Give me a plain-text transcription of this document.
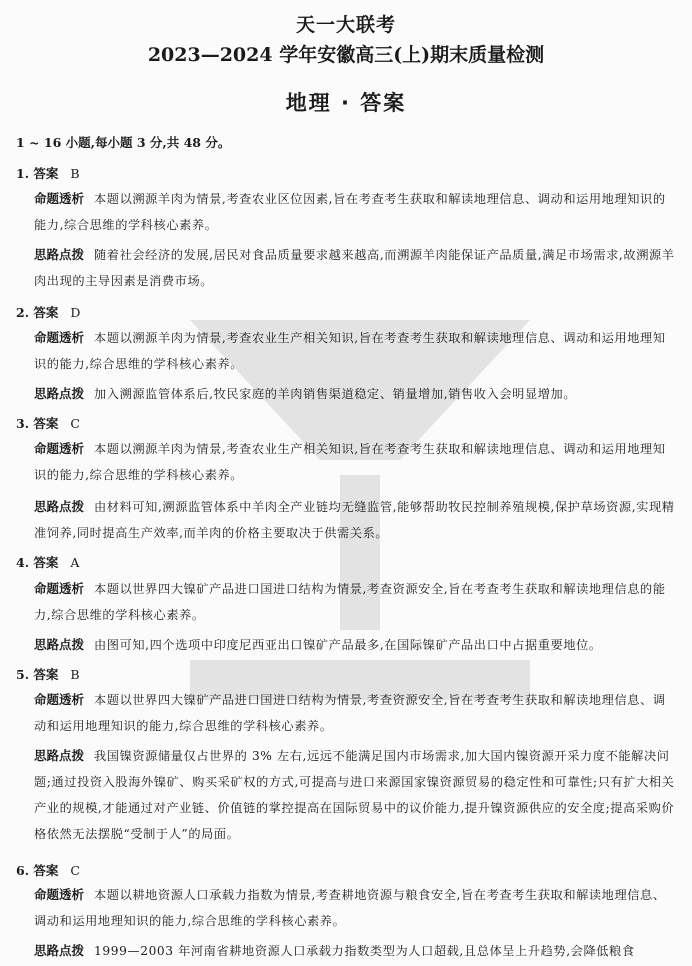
天一大联考
2023—2024 学年安徽高三(上)期末质量检测
地理 · 答案
1 ~ 16 小题,每小题 3 分,共 48 分。
1. 答案 B
命题透析 本题以溯源羊肉为情景,考查农业区位因素,旨在考查考生获取和解读地理信息、调动和运用地理知识的能力,综合思维的学科核心素养。
思路点拨 随着社会经济的发展,居民对食品质量要求越来越高,而溯源羊肉能保证产品质量,满足市场需求,故溯源羊肉出现的主导因素是消费市场。
2. 答案 D
命题透析 本题以溯源羊肉为情景,考查农业生产相关知识,旨在考查考生获取和解读地理信息、调动和运用地理知识的能力,综合思维的学科核心素养。
思路点拨 加入溯源监管体系后,牧民家庭的羊肉销售渠道稳定、销量增加,销售收入会明显增加。
3. 答案 C
命题透析 本题以溯源羊肉为情景,考查农业生产相关知识,旨在考查考生获取和解读地理信息、调动和运用地理知识的能力,综合思维的学科核心素养。
思路点拨 由材料可知,溯源监管体系中羊肉全产业链均无缝监管,能够帮助牧民控制养殖规模,保护草场资源,实现精准饲养,同时提高生产效率,而羊肉的价格主要取决于供需关系。
4. 答案 A
命题透析 本题以世界四大镍矿产品进口国进口结构为情景,考查资源安全,旨在考查考生获取和解读地理信息的能力,综合思维的学科核心素养。
思路点拨 由图可知,四个选项中印度尼西亚出口镍矿产品最多,在国际镍矿产品出口中占据重要地位。
5. 答案 B
命题透析 本题以世界四大镍矿产品进口国进口结构为情景,考查资源安全,旨在考查考生获取和解读地理信息、调动和运用地理知识的能力,综合思维的学科核心素养。
思路点拨 我国镍资源储量仅占世界的 3% 左右,远远不能满足国内市场需求,加大国内镍资源开采力度不能解决问题;通过投资入股海外镍矿、购买采矿权的方式,可提高与进口来源国家镍资源贸易的稳定性和可靠性;只有扩大相关产业的规模,才能通过对产业链、价值链的掌控提高在国际贸易中的议价能力,提升镍资源供应的安全度;提高采购价格依然无法摆脱“受制于人”的局面。
6. 答案 C
命题透析 本题以耕地资源人口承载力指数为情景,考查耕地资源与粮食安全,旨在考查考生获取和解读地理信息、调动和运用地理知识的能力,综合思维的学科核心素养。
思路点拨 1999—2003 年河南省耕地资源人口承载力指数类型为人口超载,且总体呈上升趋势,会降低粮食
